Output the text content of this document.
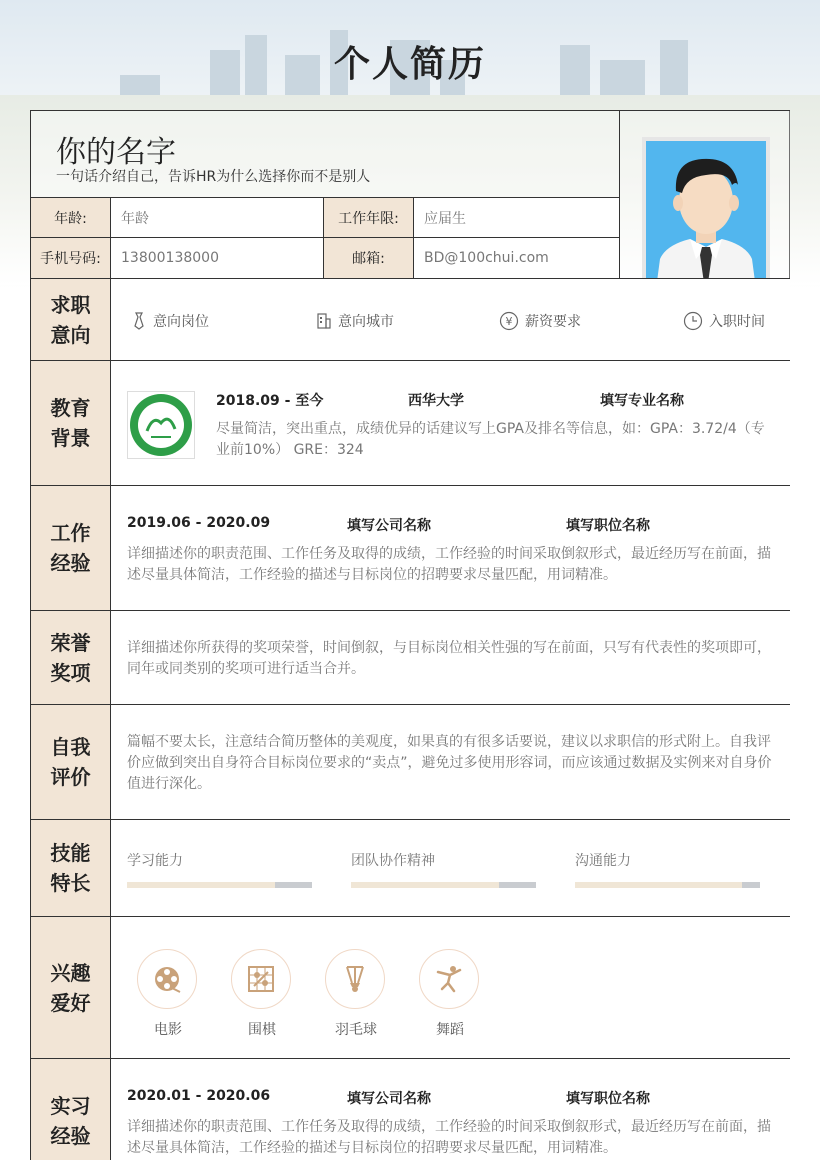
个人简历
你的名字
一句话介绍自己，告诉HR为什么选择你而不是别人
年龄:	年龄	工作年限:	应届生
手机号码:	13800138000	邮箱:	BD@100chui.com
求职意向
意向岗位	意向城市	¥ 薪资要求	入职时间
教育背景
2018.09 - 至今	西华大学	填写专业名称
尽量简洁，突出重点，成绩优异的话建议写上GPA及排名等信息，如：GPA：3.72/4（专业前10%） GRE：324
工作经验
2019.06 - 2020.09	填写公司名称	填写职位名称
详细描述你的职责范围、工作任务及取得的成绩，工作经验的时间采取倒叙形式，最近经历写在前面，描述尽量具体简洁，工作经验的描述与目标岗位的招聘要求尽量匹配，用词精准。
荣誉奖项
详细描述你所获得的奖项荣誉，时间倒叙，与目标岗位相关性强的写在前面，只写有代表性的奖项即可，同年或同类别的奖项可进行适当合并。
自我评价
篇幅不要太长，注意结合简历整体的美观度，如果真的有很多话要说，建议以求职信的形式附上。自我评价应做到突出自身符合目标岗位要求的“卖点”，避免过多使用形容词，而应该通过数据及实例来对自身价值进行深化。
技能特长
学习能力	团队协作精神	沟通能力
兴趣爱好
电影	围棋	羽毛球	舞蹈
实习经验
2020.01 - 2020.06	填写公司名称	填写职位名称
详细描述你的职责范围、工作任务及取得的成绩，工作经验的时间采取倒叙形式，最近经历写在前面，描述尽量具体简洁，工作经验的描述与目标岗位的招聘要求尽量匹配，用词精准。
